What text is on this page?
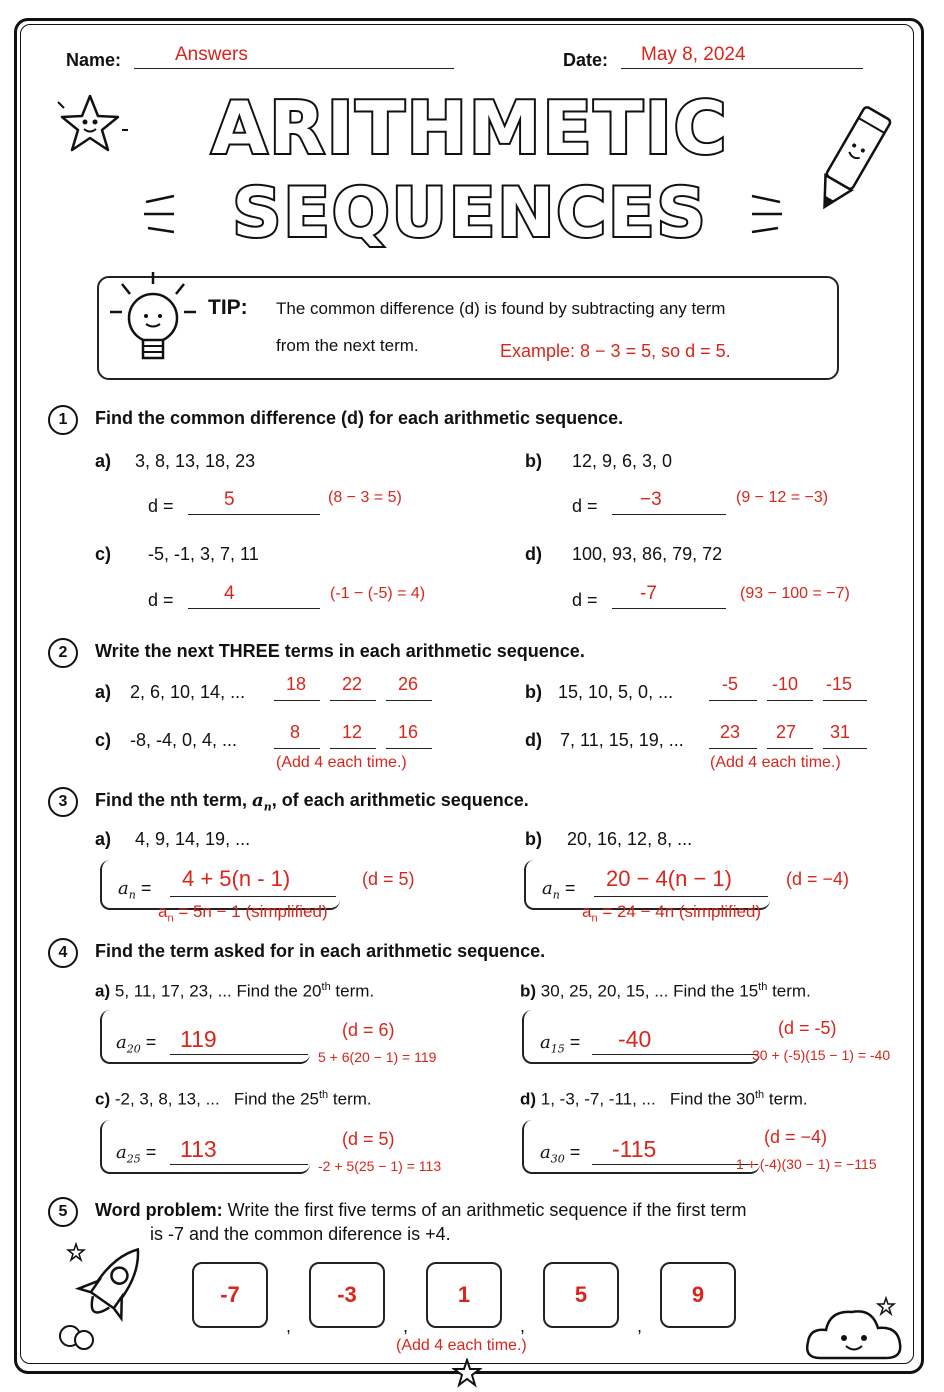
Name:	Answers	Date: May 8, 2024
ARITHMETIC
SEQUENCES
TIP: The common difference (d) is found by subtracting any term
from the next term.	Example: 8 − 3 = 5, so d = 5.
1	Find the common difference (d) for each arithmetic sequence.
a) 3, 8, 13, 18, 23
d =	5	(8 − 3 = 5)
b) 12, 9, 6, 3, 0
d = −3	(9 − 12 = −3)
c) -5, -1, 3, 7, 11
d =	4	(-1 − (-5) = 4)
d) 100, 93, 86, 79, 72
d = -7	(93 − 100 = −7)
2	Write the next THREE terms in each arithmetic sequence.
a) 2, 6, 10, 14, ... 18 22 26	b) 15, 10, 5, 0, ...	-5 -10 -15
c) -8, -4, 0, 4, ...	8 12 16
(Add 4 each time.)
d) 7, 11, 15, 19, ... 23 27 31
(Add 4 each time.)
3	Find the nth term, $a_n$, of each arithmetic sequence.
a) 4, 9, 14, 19, ...
$a_n = 4 + 5(n - 1)$	(d = 5)
$a_n = 5n - 1$ (simplified)
b) 20, 16, 12, 8, ...
$a_n = 20 - 4(n - 1)$	(d = −4)
$a_n = 24 - 4n$ (simplified)
4	Find the term asked for in each arithmetic sequence.
a) 5, 11, 17, 23, ... Find the 20th term.
$a_{20} = 119$	(d = 6)
5 + 6(20 − 1) = 119
b) 30, 25, 20, 15, ... Find the 15th term.
$a_{15} = -40$	(d = -5)
30 + (-5)(15 − 1) = -40
c) -2, 3, 8, 13, ...   Find the 25th term.
$a_{25} = 113$	(d = 5)
-2 + 5(25 − 1) = 113
d) 1, -3, -7, -11, ...   Find the 30th term.
$a_{30} = -115$	(d = −4)
1 + (-4)(30 − 1) = −115
5	Word problem: Write the first five terms of an arithmetic sequence if the first term
is -7 and the common diference is +4.
-7	-3	1	5	9
,	,	,	,
(Add 4 each time.)
